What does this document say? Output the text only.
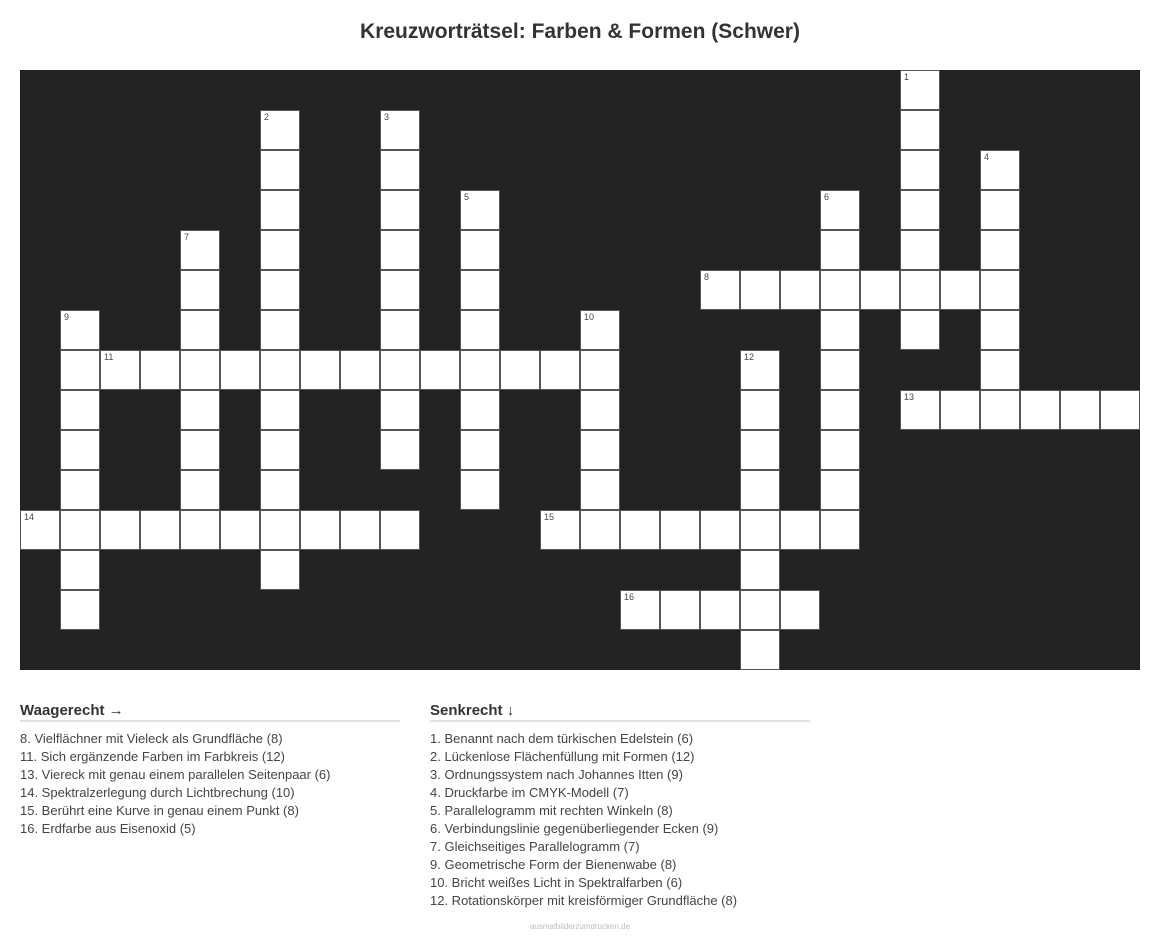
Kreuzworträtsel: Farben & Formen (Schwer)
1
2	3
4
5	6
7
8
9	10
11	12
13
14	15
16
Waagerecht →
8. Vielflächner mit Vieleck als Grundfläche (8)
11. Sich ergänzende Farben im Farbkreis (12)
13. Viereck mit genau einem parallelen Seitenpaar (6)
14. Spektralzerlegung durch Lichtbrechung (10)
15. Berührt eine Kurve in genau einem Punkt (8)
16. Erdfarbe aus Eisenoxid (5)
Senkrecht ↓
1. Benannt nach dem türkischen Edelstein (6)
2. Lückenlose Flächenfüllung mit Formen (12)
3. Ordnungssystem nach Johannes Itten (9)
4. Druckfarbe im CMYK-Modell (7)
5. Parallelogramm mit rechten Winkeln (8)
6. Verbindungslinie gegenüberliegender Ecken (9)
7. Gleichseitiges Parallelogramm (7)
9. Geometrische Form der Bienenwabe (8)
10. Bricht weißes Licht in Spektralfarben (6)
12. Rotationskörper mit kreisförmiger Grundfläche (8)
ausmalbilderzumdrucken.de
